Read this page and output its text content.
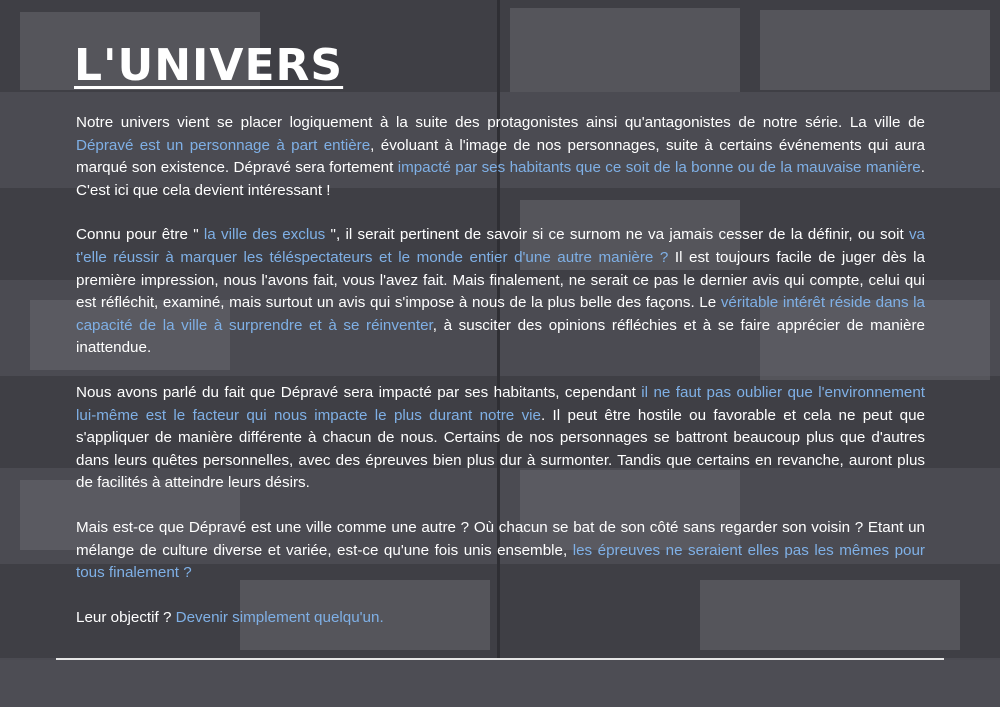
L'UNIVERS

Notre univers vient se placer logiquement à la suite des protagonistes ainsi qu'antagonistes de notre série. La ville de Dépravé est un personnage à part entière, évoluant à l'image de nos personnages, suite à certains événements qui aura marqué son existence. Dépravé sera fortement impacté par ses habitants que ce soit de la bonne ou de la mauvaise manière. C'est ici que cela devient intéressant !

Connu pour être " la ville des exclus ", il serait pertinent de savoir si ce surnom ne va jamais cesser de la définir, ou soit va t'elle réussir à marquer les téléspectateurs et le monde entier d'une autre manière ? Il est toujours facile de juger dès la première impression, nous l'avons fait, vous l'avez fait. Mais finalement, ne serait ce pas le dernier avis qui compte, celui qui est réfléchit, examiné, mais surtout un avis qui s'impose à nous de la plus belle des façons. Le véritable intérêt réside dans la capacité de la ville à surprendre et à se réinventer, à susciter des opinions réfléchies et à se faire apprécier de manière inattendue.

Nous avons parlé du fait que Dépravé sera impacté par ses habitants, cependant il ne faut pas oublier que l'environnement lui-même est le facteur qui nous impacte le plus durant notre vie. Il peut être hostile ou favorable et cela ne peut que s'appliquer de manière différente à chacun de nous. Certains de nos personnages se battront beaucoup plus que d'autres dans leurs quêtes personnelles, avec des épreuves bien plus dur à surmonter. Tandis que certains en revanche, auront plus de facilités à atteindre leurs désirs.

Mais est-ce que Dépravé est une ville comme une autre ? Où chacun se bat de son côté sans regarder son voisin ? Etant un mélange de culture diverse et variée, est-ce qu'une fois unis ensemble, les épreuves ne seraient elles pas les mêmes pour tous finalement ?

Leur objectif ? Devenir simplement quelqu'un.
